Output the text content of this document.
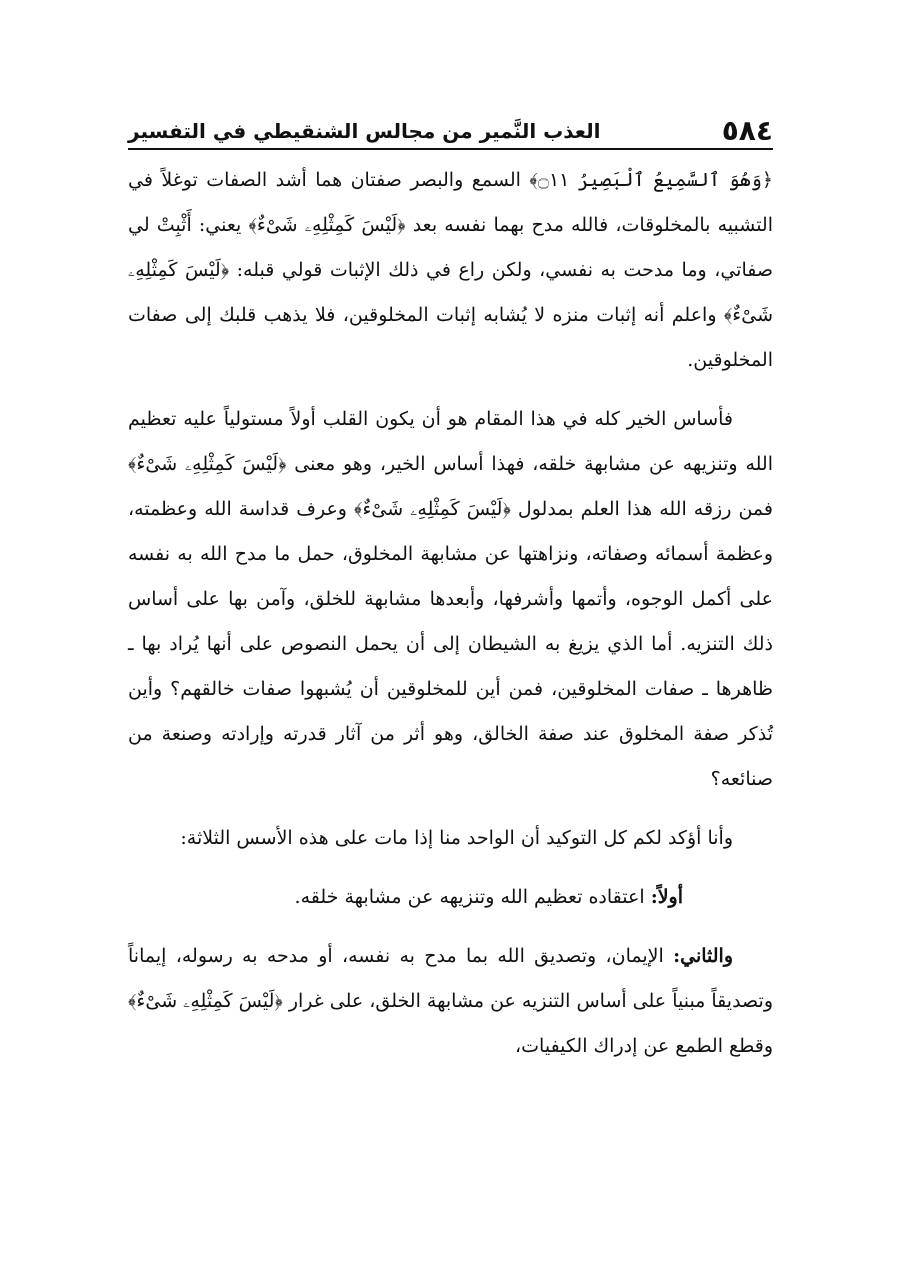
٥٨٤
العذب النَّمير من مجالس الشنقيطي في التفسير

﴿وَهُوَ ٱلسَّمِيعُ ٱلْبَصِيرُ ۝١١﴾ السمع والبصر صفتان هما أشد الصفات توغلاً في التشبيه بالمخلوقات، فالله مدح بهما نفسه بعد ﴿لَيْسَ كَمِثْلِهِۦ شَىْءٌ﴾ يعني: أَثْبِتْ لي صفاتي، وما مدحت به نفسي، ولكن راع في ذلك الإثبات قولي قبله: ﴿لَيْسَ كَمِثْلِهِۦ شَىْءٌ﴾ واعلم أنه إثبات منزه لا يُشابه إثبات المخلوقين، فلا يذهب قلبك إلى صفات المخلوقين.

فأساس الخير كله في هذا المقام هو أن يكون القلب أولاً مستولياً عليه تعظيم الله وتنزيهه عن مشابهة خلقه، فهذا أساس الخير، وهو معنى ﴿لَيْسَ كَمِثْلِهِۦ شَىْءٌ﴾ فمن رزقه الله هذا العلم بمدلول ﴿لَيْسَ كَمِثْلِهِۦ شَىْءٌ﴾ وعرف قداسة الله وعظمته، وعظمة أسمائه وصفاته، ونزاهتها عن مشابهة المخلوق، حمل ما مدح الله به نفسه على أكمل الوجوه، وأتمها وأشرفها، وأبعدها مشابهة للخلق، وآمن بها على أساس ذلك التنزيه. أما الذي يزيغ به الشيطان إلى أن يحمل النصوص على أنها يُراد بها ـ ظاهرها ـ صفات المخلوقين، فمن أين للمخلوقين أن يُشبهوا صفات خالقهم؟ وأين تُذكر صفة المخلوق عند صفة الخالق، وهو أثر من آثار قدرته وإرادته وصنعة من صنائعه؟

وأنا أؤكد لكم كل التوكيد أن الواحد منا إذا مات على هذه الأسس الثلاثة:

أولاً: اعتقاده تعظيم الله وتنزيهه عن مشابهة خلقه.

والثاني: الإيمان، وتصديق الله بما مدح به نفسه، أو مدحه به رسوله، إيماناً وتصديقاً مبنياً على أساس التنزيه عن مشابهة الخلق، على غرار ﴿لَيْسَ كَمِثْلِهِۦ شَىْءٌ﴾ وقطع الطمع عن إدراك الكيفيات،
